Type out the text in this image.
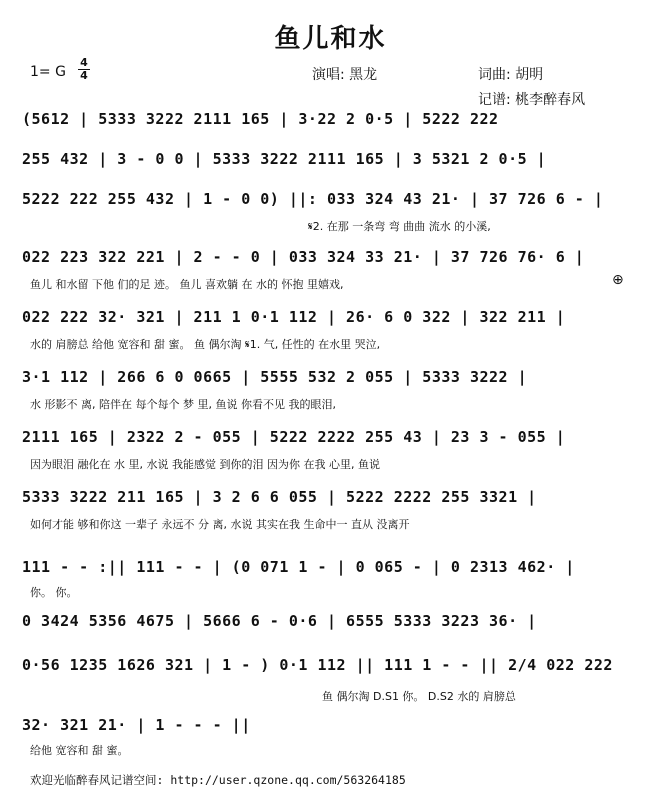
鱼儿和水
1= G
4
4	演唱: 黑龙	词曲: 胡明
记谱: 桃李醉春风
(5612 | 5333 3222 2111 165 | 3·22 2 0·5 | 5222 222
255 432 | 3 - 0 0 | 5333 3222 2111 165 | 3 5321 2 0·5 |
5222 222 255 432 | 1 - 0 0) ||: 033 324 43 21· | 37 726 6 - |
𝄋2. 在那 一条弯 弯 曲曲 流水 的小溪,
022 223 322 221 | 2 - - 0 | 033 324 33 21· | 37 726 76· 6 |
鱼儿 和水留 下他 们的足 迹。 鱼儿 喜欢躺 在 水的 怀抱 里嬉戏,	⊕
022 222 32· 321 | 211 1 0·1 112 | 26· 6 0 322 | 322 211 |
水的 肩膀总 给他 宽容和 甜 蜜。 鱼 偶尔淘 𝄋1. 气, 任性的 在水里 哭泣,
3·1 112 | 266 6 0 0665 | 5555 532 2 055 | 5333 3222 |
水 形影不 离, 陪伴在 每个每个 梦 里, 鱼说 你看不见 我的眼泪,
2111 165 | 2322 2 - 055 | 5222 2222 255 43 | 23 3 - 055 |
因为眼泪 融化在 水 里, 水说 我能感觉 到你的泪 因为你 在我 心里, 鱼说
5333 3222 211 165 | 3 2 6 6 055 | 5222 2222 255 3321 |
如何才能 够和你这 一辈子 永远不 分 离, 水说 其实在我 生命中一 直从 没离开
111 - - :|| 111 - - | (0 071 1 - | 0 065 - | 0 2313 462· |
你。 你。
0 3424 5356 4675 | 5666 6 - 0·6 | 6555 5333 3223 36· |
0·56 1235 1626 321 | 1 - ) 0·1 112 || 111 1 - - || 2/4 022 222
鱼 偶尔淘 D.S1 你。 D.S2 水的 肩膀总
32· 321 21· | 1 - - - ||
给他 宽容和 甜 蜜。
欢迎光临醉春风记谱空间: http://user.qzone.qq.com/563264185
